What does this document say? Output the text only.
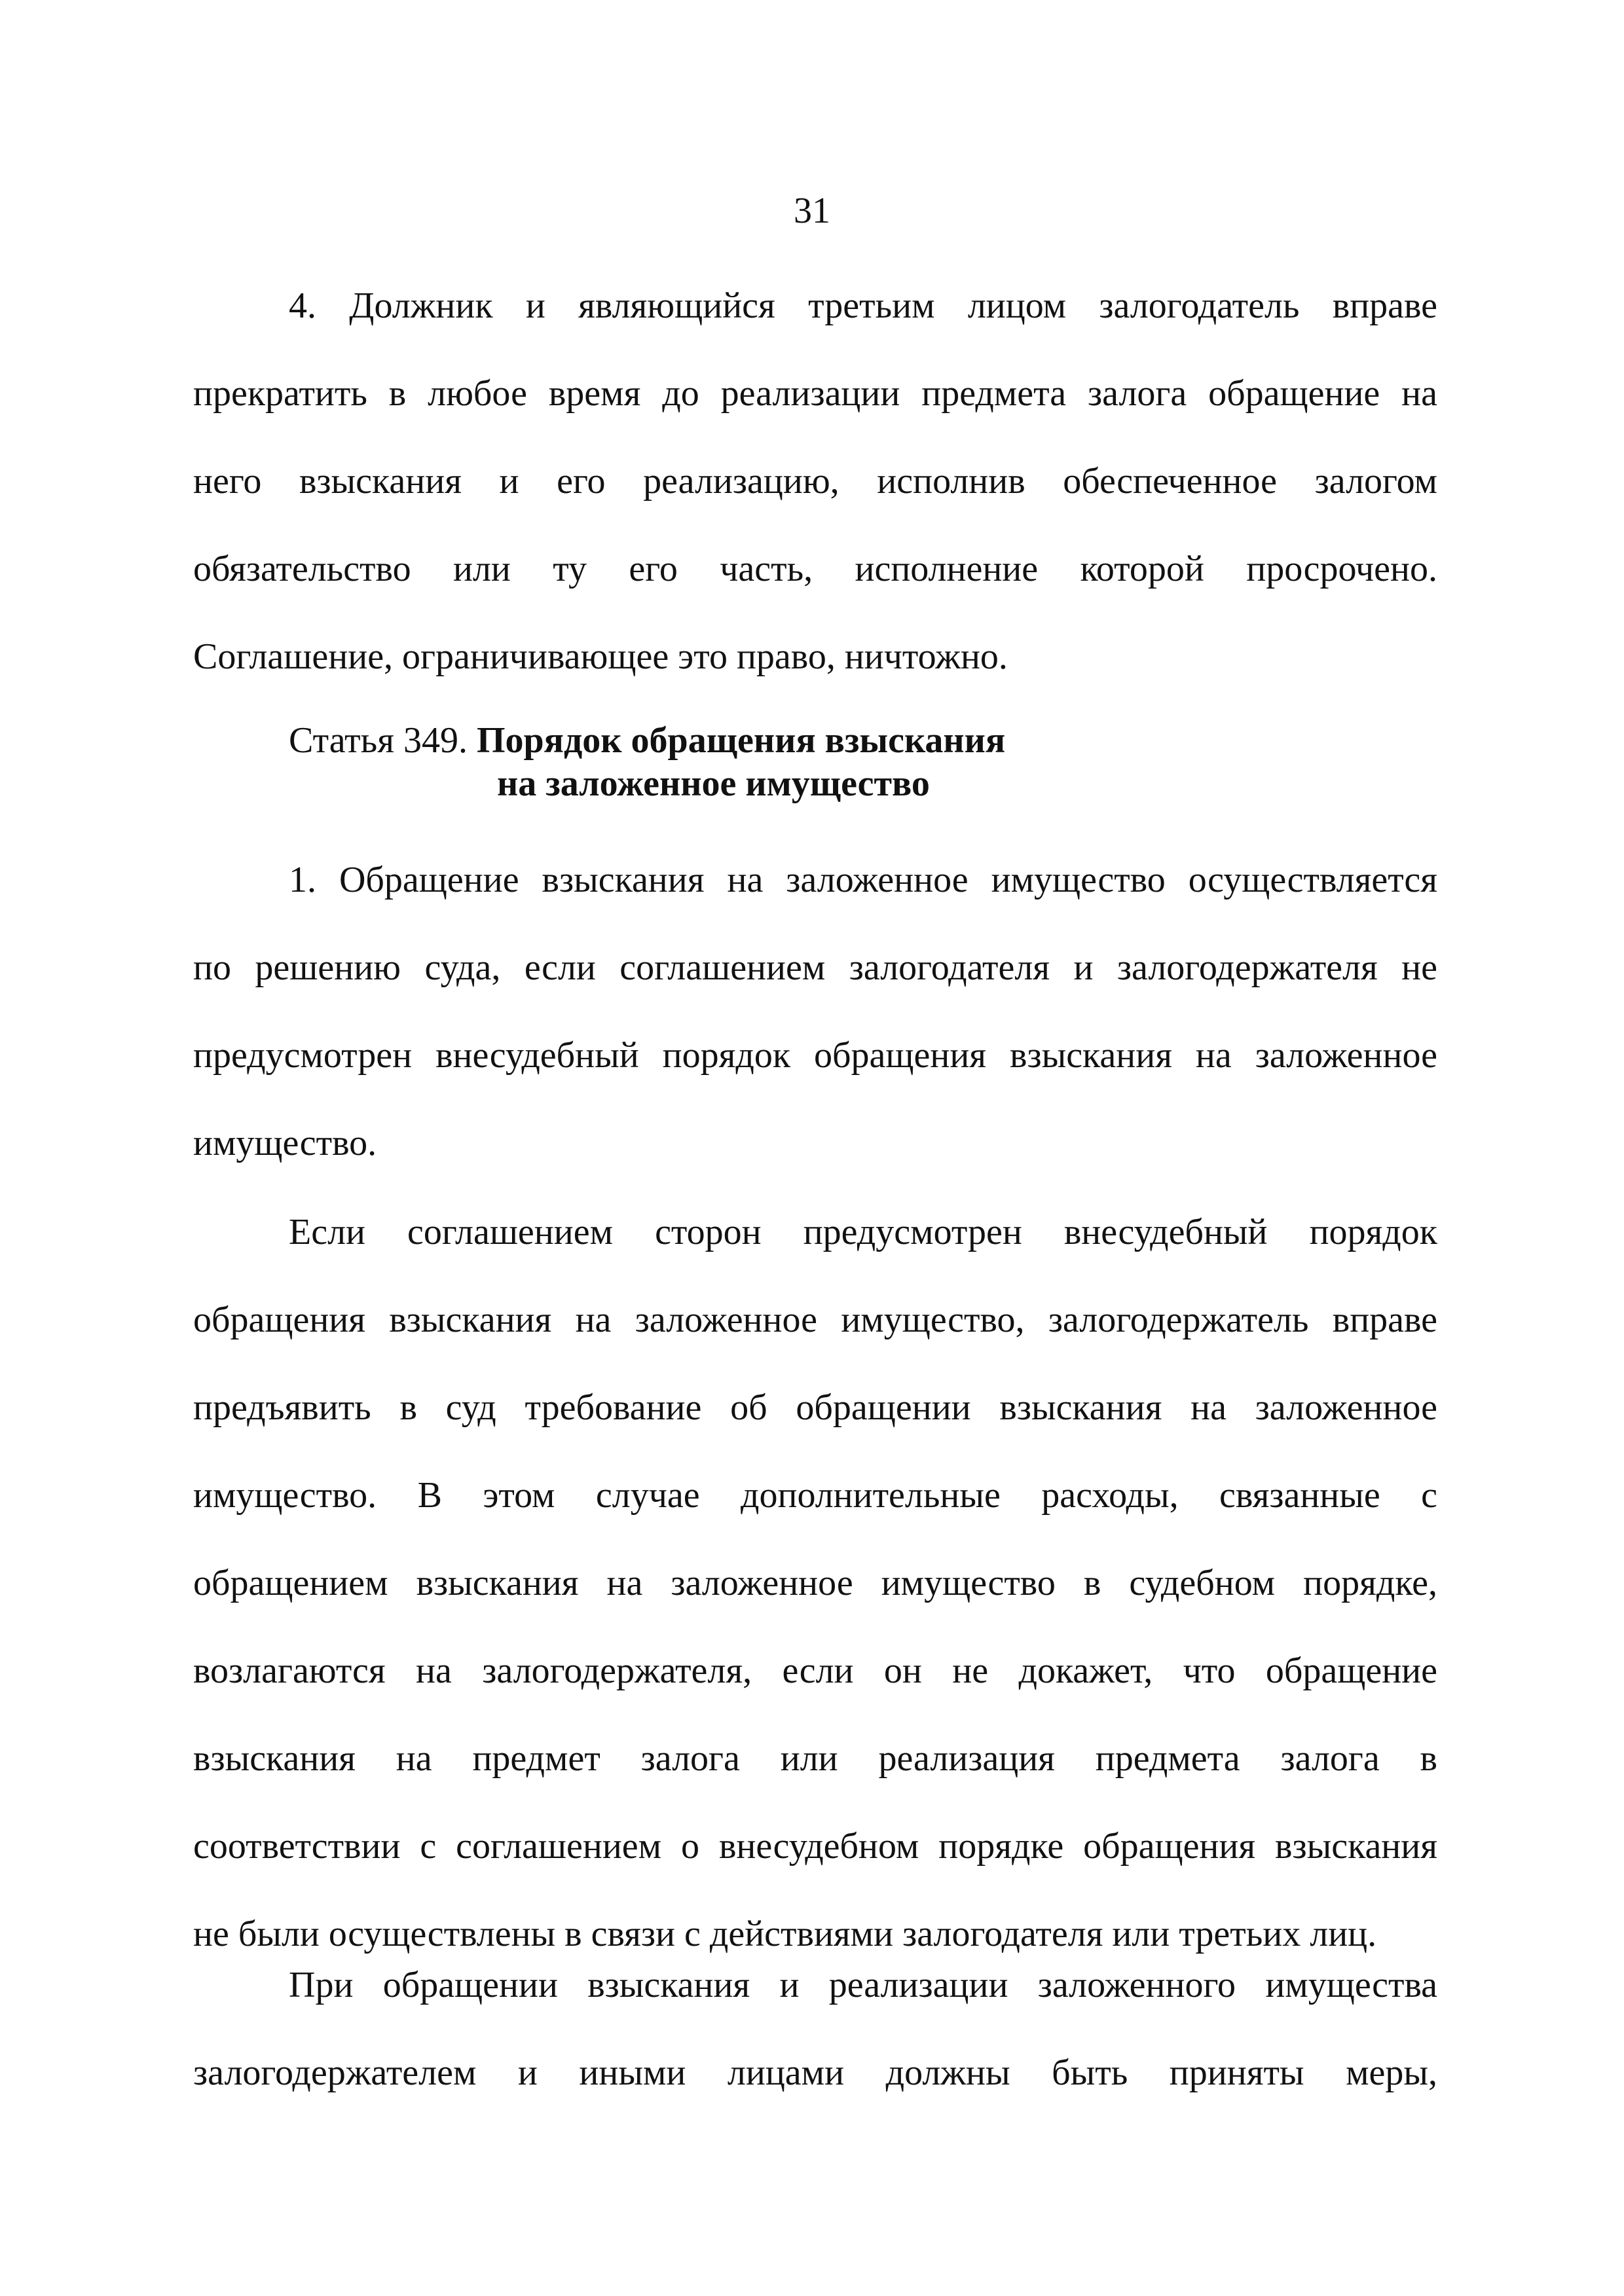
31
4. Должник и являющийся третьим лицом залогодатель вправе
прекратить в любое время до реализации предмета залога обращение на
него взыскания и его реализацию, исполнив обеспеченное залогом
обязательство или ту его часть, исполнение которой просрочено.
Соглашение, ограничивающее это право, ничтожно.
Статья 349. Порядок обращения взыскания
на заложенное имущество
1. Обращение взыскания на заложенное имущество осуществляется
по решению суда, если соглашением залогодателя и залогодержателя не
предусмотрен внесудебный порядок обращения взыскания на заложенное
имущество.
Если соглашением сторон предусмотрен внесудебный порядок
обращения взыскания на заложенное имущество, залогодержатель вправе
предъявить в суд требование об обращении взыскания на заложенное
имущество. В этом случае дополнительные расходы, связанные с
обращением взыскания на заложенное имущество в судебном порядке,
возлагаются на залогодержателя, если он не докажет, что обращение
взыскания на предмет залога или реализация предмета залога в
соответствии с соглашением о внесудебном порядке обращения взыскания
не были осуществлены в связи с действиями залогодателя или третьих лиц.
При обращении взыскания и реализации заложенного имущества
залогодержателем и иными лицами должны быть приняты меры,
